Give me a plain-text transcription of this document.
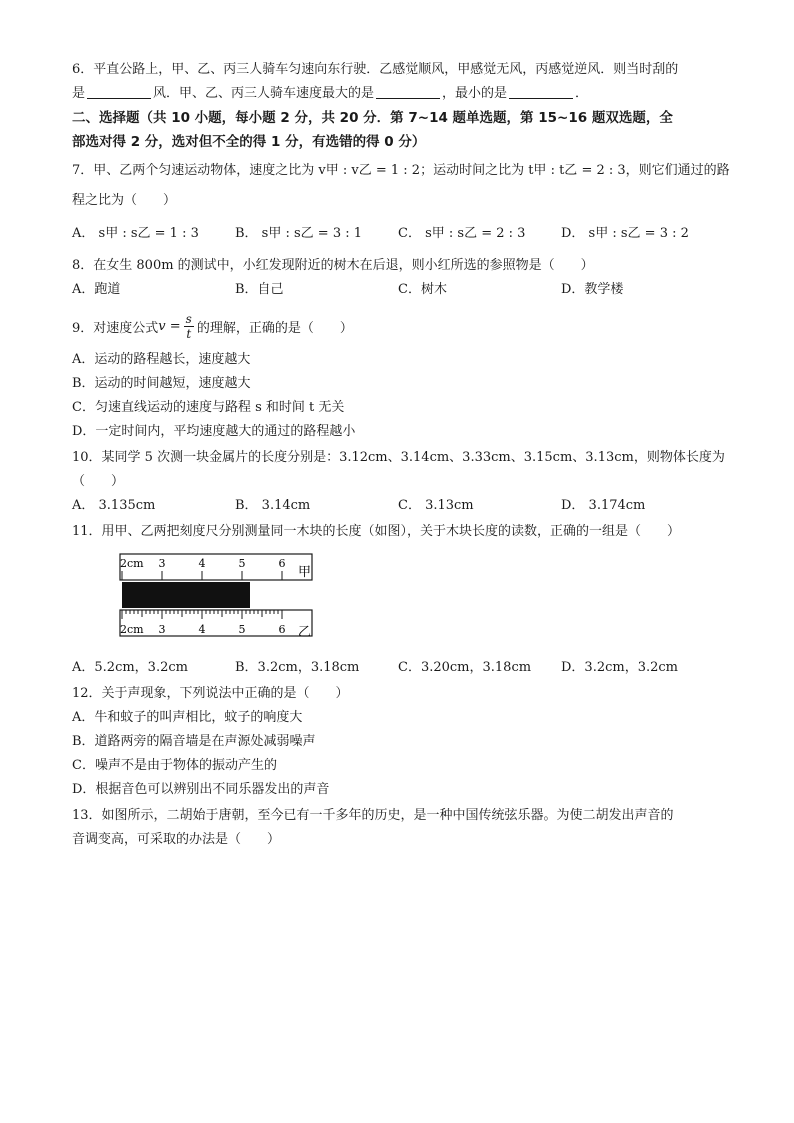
6．平直公路上，甲、乙、丙三人骑车匀速向东行驶．乙感觉顺风，甲感觉无风，丙感觉逆风．则当时刮的
是	风．甲、乙、丙三人骑车速度最大的是	，最小的是	．
二、选择题（共 10 小题，每小题 2 分，共 20 分．第 7~14 题单选题，第 15~16 题双选题，全
部选对得 2 分，选对但不全的得 1 分，有选错的得 0 分）
7．甲、乙两个匀速运动物体，速度之比为 v甲 : v乙 = 1 : 2；运动时间之比为 t甲 : t乙 = 2 : 3，则它们通过的路
程之比为（　　）
A． s甲 : s乙 = 1 : 3	B． s甲 : s乙 = 3 : 1	C． s甲 : s乙 = 2 : 3	D． s甲 : s乙 = 3 : 2
8．在女生 800m 的测试中，小红发现附近的树木在后退，则小红所选的参照物是（　　）
A．跑道	B．自己	C．树木	D．教学楼
9．对速度公式 $v = \frac{s}{t}$ 的理解，正确的是（　　）
A．运动的路程越长，速度越大
B．运动的时间越短，速度越大
C．匀速直线运动的速度与路程 s 和时间 t 无关
D．一定时间内，平均速度越大的通过的路程越小
10．某同学 5 次测一块金属片的长度分别是：3.12cm、3.14cm、3.33cm、3.15cm、3.13cm，则物体长度为
（　　）
A． 3.135cm	B． 3.14cm	C． 3.13cm	D． 3.174cm
11．用甲、乙两把刻度尺分别测量同一木块的长度（如图），关于木块长度的读数，正确的一组是（　　）
2cm 3	4	5	6
2cm 3	4	5	6
甲
乙
A．5.2cm，3.2cm	B．3.2cm，3.18cm	C．3.20cm，3.18cm	D．3.2cm，3.2cm
12．关于声现象，下列说法中正确的是（　　）
A．牛和蚊子的叫声相比，蚊子的响度大
B．道路两旁的隔音墙是在声源处减弱噪声
C．噪声不是由于物体的振动产生的
D．根据音色可以辨别出不同乐器发出的声音
13．如图所示，二胡始于唐朝，至今已有一千多年的历史，是一种中国传统弦乐器。为使二胡发出声音的
音调变高，可采取的办法是（　　）
